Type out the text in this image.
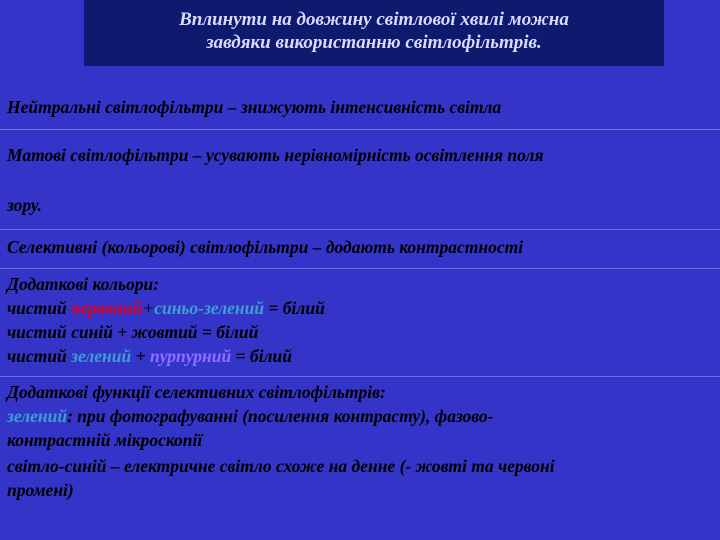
Вплинути на довжину світлової хвилі можна
завдяки використанню світлофільтрів.
Нейтральні світлофільтри – знижують інтенсивність світла
Матові світлофільтри – усувають нерівномірність освітлення поля
зору.
Селективні (кольорові) світлофільтри – додають контрастності
Додаткові кольори:
чистий червоний+синьо-зелений = білий
чистий синій + жовтий = білий
чистий зелений + пурпурний = білий
Додаткові функції селективних світлофільтрів:
зелений: при фотографуванні (посилення контрасту), фазово-
контрастній мікроскопії
світло-синій – електричне світло схоже на денне (- жовті та червоні
промені)
